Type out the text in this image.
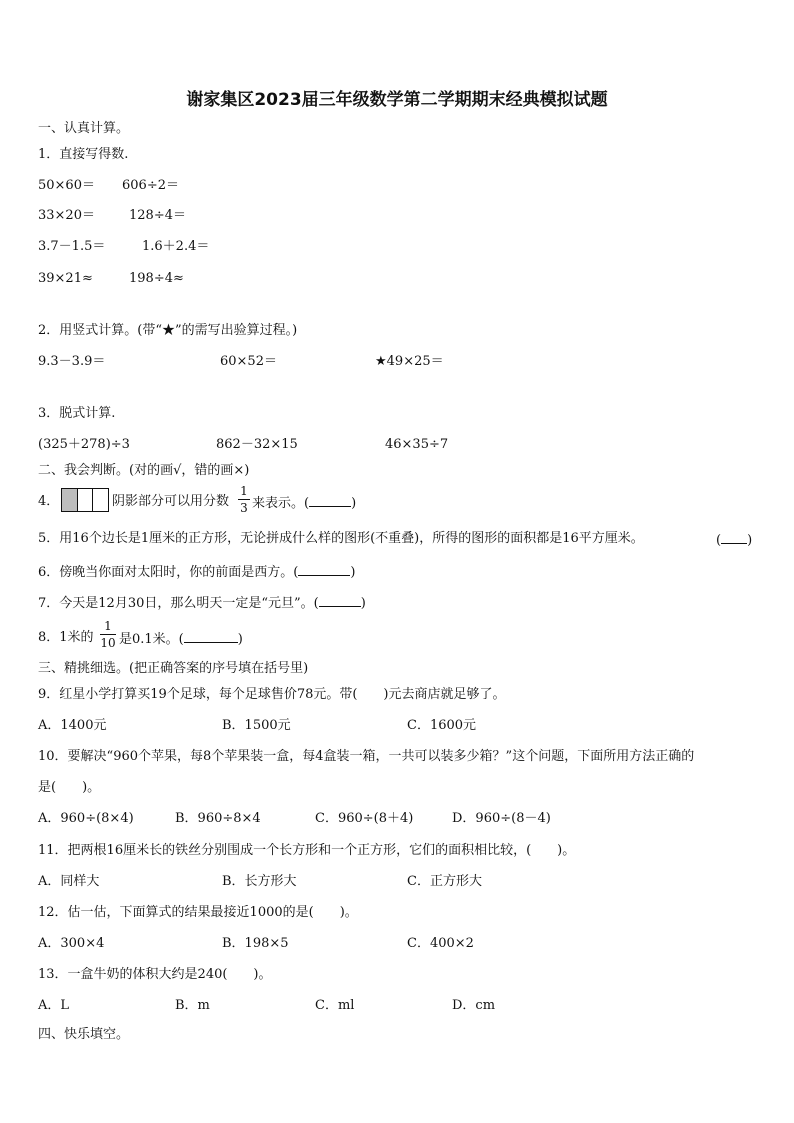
谢家集区2023届三年级数学第二学期期末经典模拟试题
一、认真计算。
1．直接写得数.
50×60＝ 606÷2＝
33×20＝	128÷4＝
3.7－1.5＝	1.6＋2.4＝
39×21≈	198÷4≈
2．用竖式计算。(带“★”的需写出验算过程。)
9.3－3.9＝	60×52＝	★49×25＝
3．脱式计算.
(325＋278)÷3	862－32×15	46×35÷7
二、我会判断。(对的画√，错的画×)
4．	阴影部分可以用分数
1
3 来表示。(	)
5．用16个边长是1厘米的正方形，无论拼成什么样的图形(不重叠)，所得的图形的面积都是16平方厘米。	( )
6．傍晚当你面对太阳时，你的前面是西方。(	)
7．今天是12月30日，那么明天一定是“元旦”。(	)
8．1米的
1
10 是0.1米。(	)
三、精挑细选。(把正确答案的序号填在括号里)
9．红星小学打算买19个足球，每个足球售价78元。带(　　)元去商店就足够了。
A．1400元	B．1500元	C．1600元
10．要解决“960个苹果，每8个苹果装一盒，每4盒装一箱，一共可以装多少箱？”这个问题，下面所用方法正确的
是(　　)。
A．960÷(8×4)	B．960÷8×4	C．960÷(8＋4)	D．960÷(8－4)
11．把两根16厘米长的铁丝分别围成一个长方形和一个正方形，它们的面积相比较，(　　)。
A．同样大	B．长方形大	C．正方形大
12．估一估，下面算式的结果最接近1000的是(　　)。
A．300×4	B．198×5	C．400×2
13．一盒牛奶的体积大约是240(　　)。
A．L	B．m	C．ml	D．cm
四、快乐填空。
